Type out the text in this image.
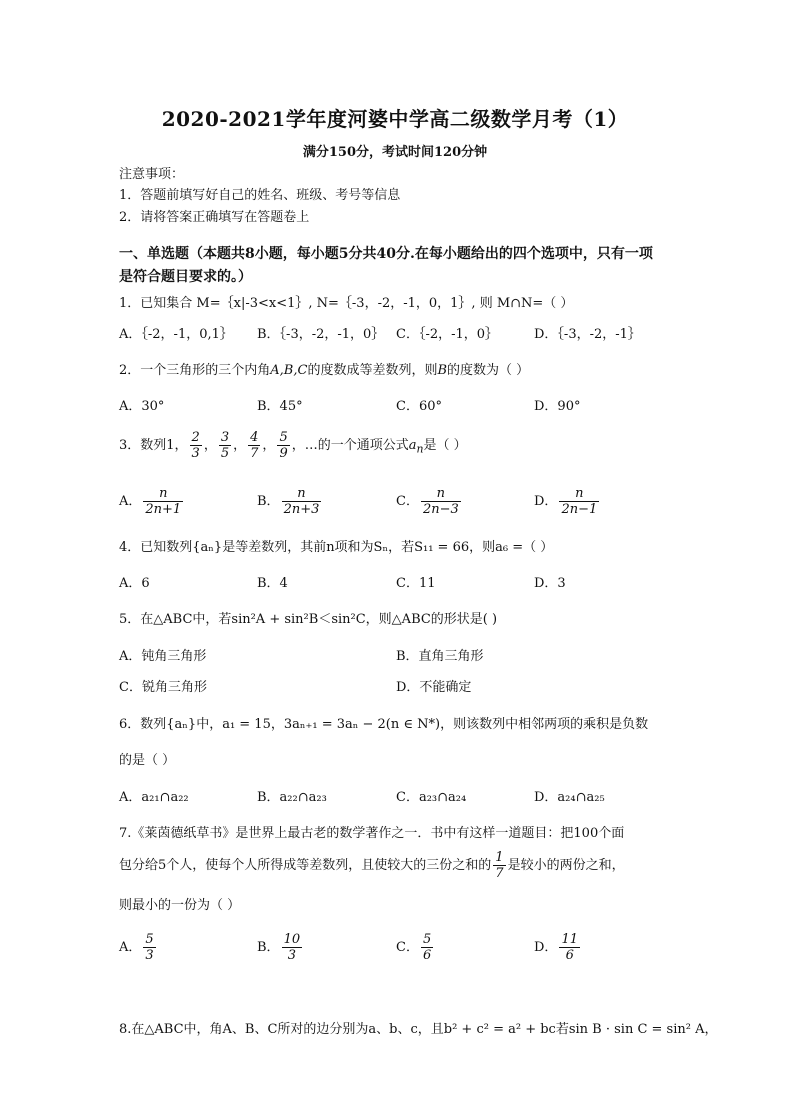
2020-2021学年度河婆中学高二级数学月考（1）
满分150分，考试时间120分钟
注意事项：
1．答题前填写好自己的姓名、班级、考号等信息
2．请将答案正确填写在答题卷上
一、单选题（本题共8小题，每小题5分共40分.在每小题给出的四个选项中，只有一项
是符合题目要求的。）
1．已知集合 M=｛x|-3<x<1｝, N=｛-3，-2，-1，0，1｝, 则 M∩N=（ ）
A．｛-2，-1，0,1｝ B．｛-3，-2，-1，0｝ C．｛-2，-1，0｝	D．｛-3，-2，-1｝
2．一个三角形的三个内角A,B,C的度数成等差数列，则B的度数为（ ）
A．30°	B．45°	C．60°	D．90°
3．数列1， $\frac{2}{3}$ ， $\frac{3}{5}$ ， $\frac{4}{7}$ ， $\frac{5}{9}$ ，…的一个通项公式$a_n$是（ ）
A． $\frac{n}{2n+1}$	B． $\frac{n}{2n+3}$	C． $\frac{n}{2n-3}$	D． $\frac{n}{2n-1}$
4．已知数列{aₙ}是等差数列，其前n项和为Sₙ，若S₁₁ = 66，则a₆ =（ ）
A．6	B．4	C．11	D．3
5．在△ABC中，若sin²A + sin²B＜sin²C，则△ABC的形状是( )
A．钝角三角形	B．直角三角形
C．锐角三角形	D．不能确定
6．数列{aₙ}中，a₁ = 15，3aₙ₊₁ = 3aₙ − 2(n ∈ N*)，则该数列中相邻两项的乘积是负数
的是（ ）
A．a₂₁∩a₂₂	B．a₂₂∩a₂₃	C．a₂₃∩a₂₄	D．a₂₄∩a₂₅
7.《莱茵德纸草书》是世界上最古老的数学著作之一．书中有这样一道题目：把100个面
包分给5个人，使每个人所得成等差数列，且使较大的三份之和的 $\frac{1}{7}$ 是较小的两份之和，
则最小的一份为（ ）
A． $\frac{5}{3}$	B． $\frac{10}{3}$	C． $\frac{5}{6}$	D． $\frac{11}{6}$
8.在△ABC中，角A、B、C所对的边分别为a、b、c，且b² + c² = a² + bc若sin B · sin C = sin² A，
